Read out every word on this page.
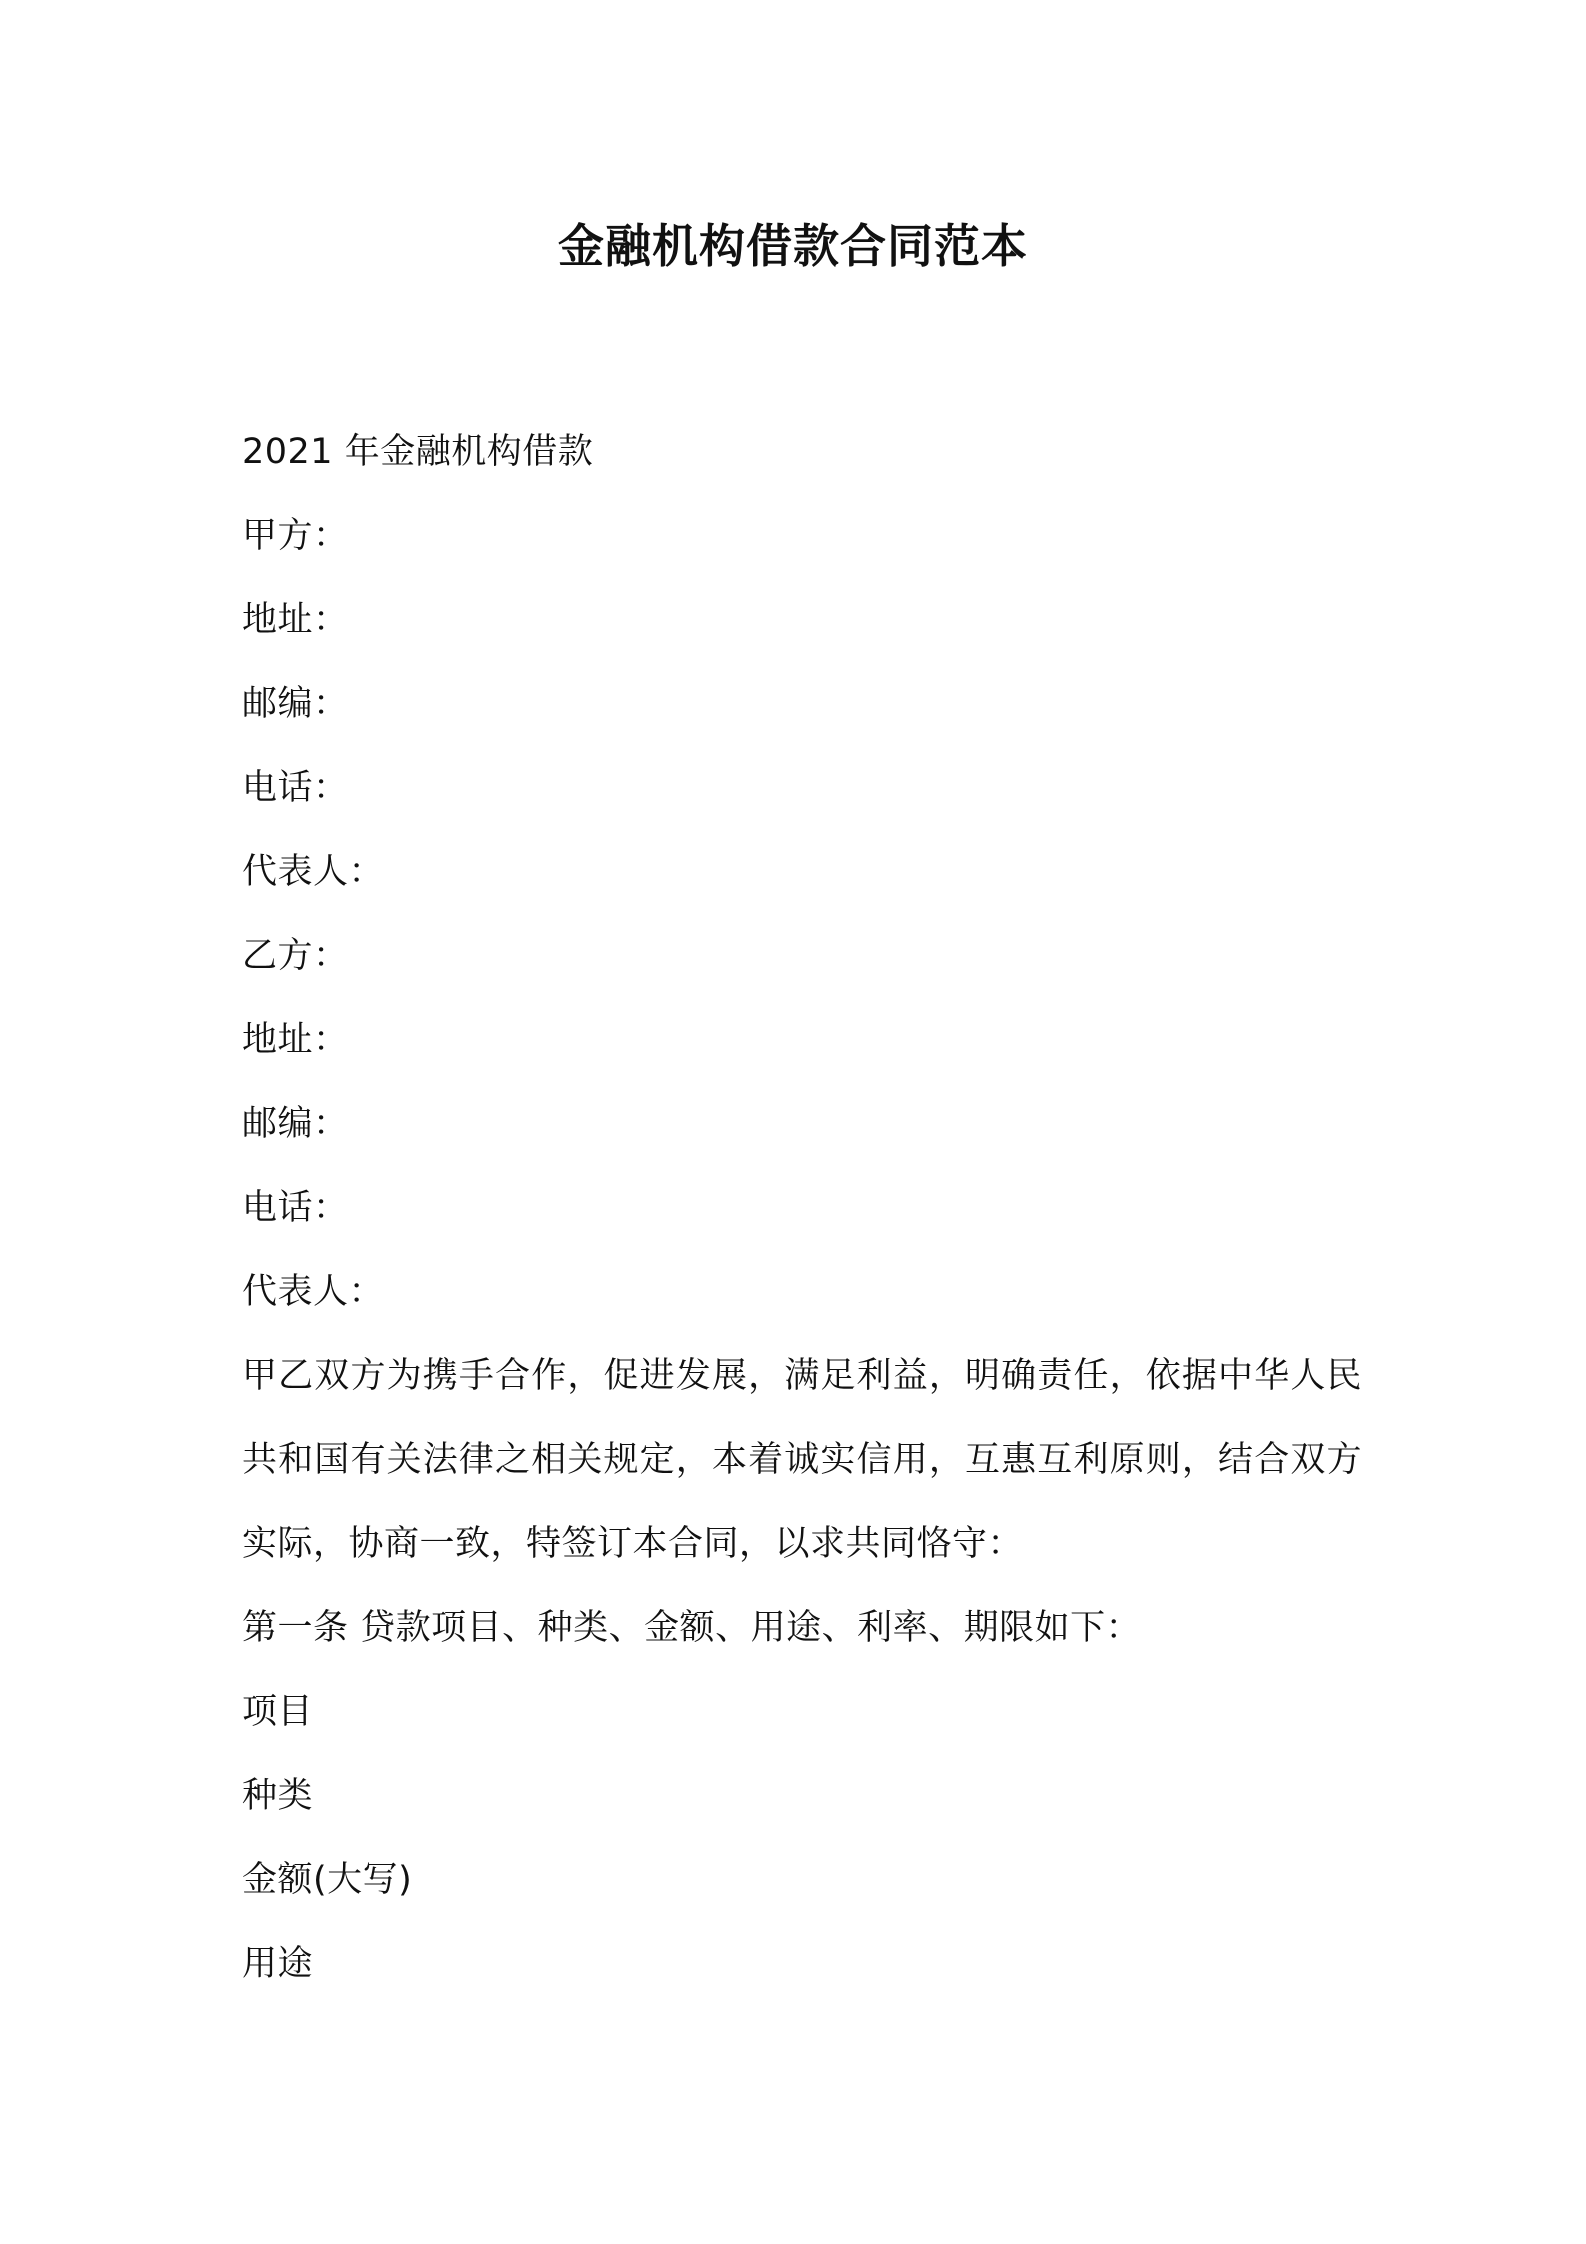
金融机构借款合同范本
2021 年金融机构借款
甲方：
地址：
邮编：
电话：
代表人：
乙方：
地址：
邮编：
电话：
代表人：
甲乙双方为携手合作，促进发展，满足利益，明确责任，依据中华人民共和国有关法律之相关规定，本着诚实信用，互惠互利原则，结合双方实际，协商一致，特签订本合同，以求共同恪守：
第一条 贷款项目、种类、金额、用途、利率、期限如下：
项目
种类
金额(大写)
用途
